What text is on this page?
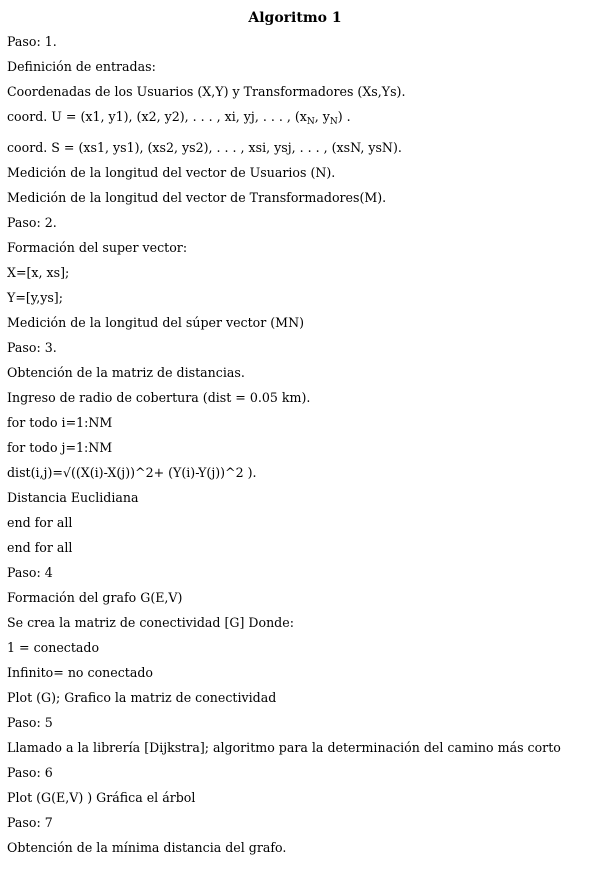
Algoritmo 1
Paso: 1.
Definición de entradas:
Coordenadas de los Usuarios (X,Y) y Transformadores (Xs,Ys).
coord. U = (x1, y1), (x2, y2), . . . , xi, yj, . . . , ($x_N$, $y_N$) .
coord. S = (xs1, ys1), (xs2, ys2), . . . , xsi, ysj, . . . , (xsN, ysN).
Medición de la longitud del vector de Usuarios (N).
Medición de la longitud del vector de Transformadores(M).
Paso: 2.
Formación del super vector:
X=[x, xs];
Y=[y,ys];
Medición de la longitud del súper vector (MN)
Paso: 3.
Obtención de la matriz de distancias.
Ingreso de radio de cobertura (dist = 0.05 km).
for todo i=1:NM
for todo j=1:NM
dist(i,j)=√((X(i)-X(j))^2+ (Y(i)-Y(j))^2 ).
Distancia Euclidiana
end for all
end for all
Paso: 4
Formación del grafo G(E,V)
Se crea la matriz de conectividad [G] Donde:
1 = conectado
Infinito= no conectado
Plot (G); Grafico la matriz de conectividad
Paso: 5
Llamado a la librería [Dijkstra]; algoritmo para la determinación del camino más corto
Paso: 6
Plot (G(E,V) ) Gráfica el árbol
Paso: 7
Obtención de la mínima distancia del grafo.
